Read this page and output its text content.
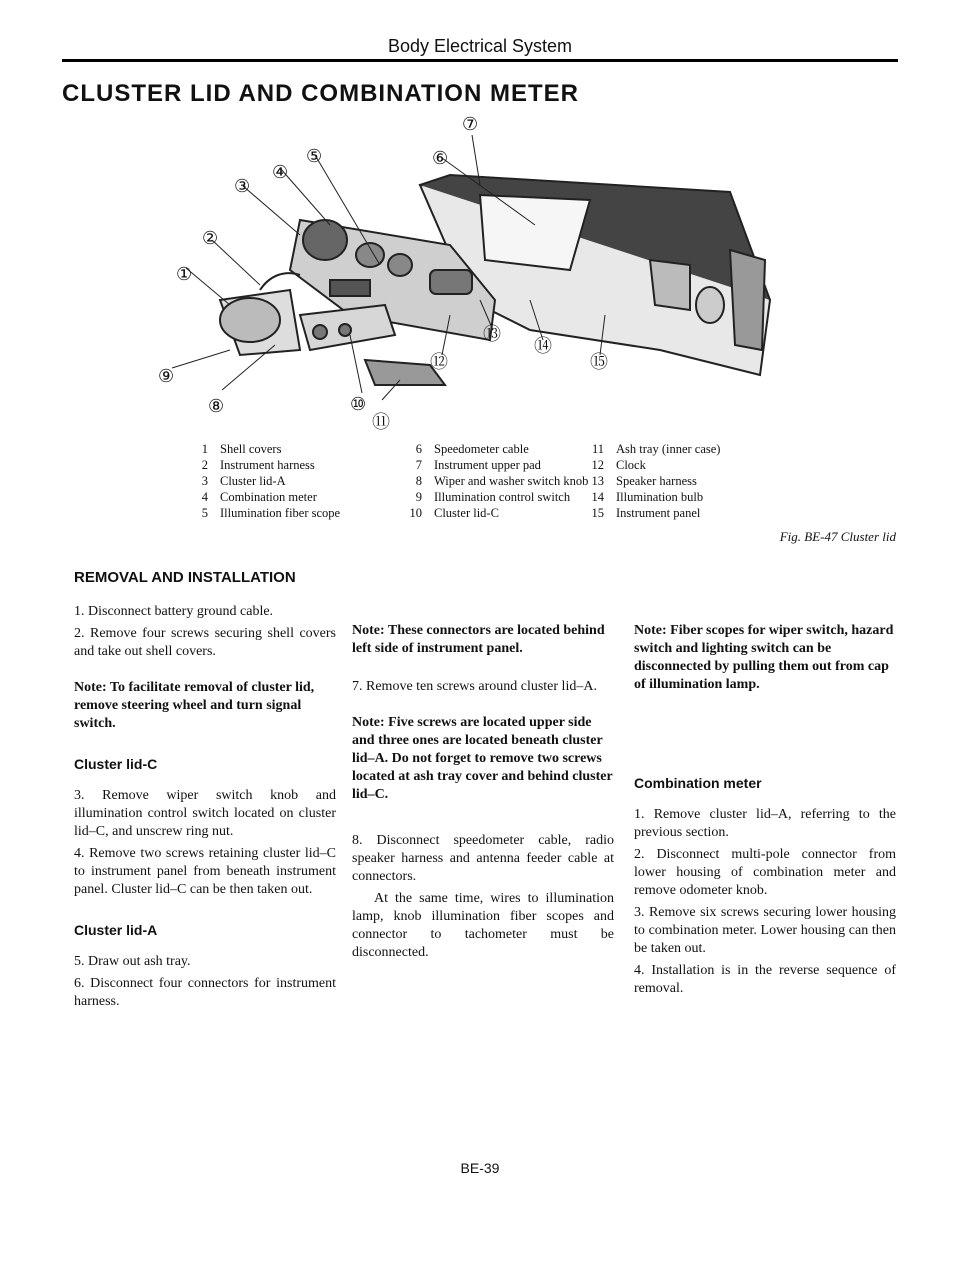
Body Electrical System
CLUSTER LID AND COMBINATION METER
①
②
③
④
⑤	⑥
⑦
⑧
⑨
⑩
⑪
⑫
⑬
⑭
⑮
1 Shell covers
2 Instrument harness
3 Cluster lid-A
4 Combination meter
5 Illumination fiber scope
6 Speedometer cable
7 Instrument upper pad
8 Wiper and washer switch knob
9 Illumination control switch
10 Cluster lid-C
11 Ash tray (inner case)
12 Clock
13 Speaker harness
14 Illumination bulb
15 Instrument panel
Fig. BE-47 Cluster lid
REMOVAL AND INSTALLATION

1. Disconnect battery ground cable.

2. Remove four screws securing shell covers and take out shell covers.

Note: To facilitate removal of cluster lid, remove steering wheel and turn signal switch.
Cluster lid-C

3. Remove wiper switch knob and illumination control switch located on cluster lid–C, and unscrew ring nut.

4. Remove two screws retaining cluster lid–C to instrument panel from beneath instrument panel. Cluster lid–C can be then taken out.

Cluster lid-A

5. Draw out ash tray.

6. Disconnect four connectors for instrument harness.

Note: These connectors are located behind left side of instrument panel.

7. Remove ten screws around cluster lid–A.

Note: Five screws are located upper side and three ones are located beneath cluster lid–A. Do not forget to remove two screws located at ash tray cover and behind cluster lid–C.

8. Disconnect speedometer cable, radio speaker harness and antenna feeder cable at connectors.

At the same time, wires to illumination lamp, knob illumination fiber scopes and connector to tachometer must be disconnected.

Note: Fiber scopes for wiper switch, hazard switch and lighting switch can be disconnected by pulling them out from cap of illumination lamp.
Combination meter

1. Remove cluster lid–A, referring to the previous section.

2. Disconnect multi-pole connector from lower housing of combination meter and remove odometer knob.

3. Remove six screws securing lower housing to combination meter. Lower housing can then be taken out.

4. Installation is in the reverse sequence of removal.

BE-39
